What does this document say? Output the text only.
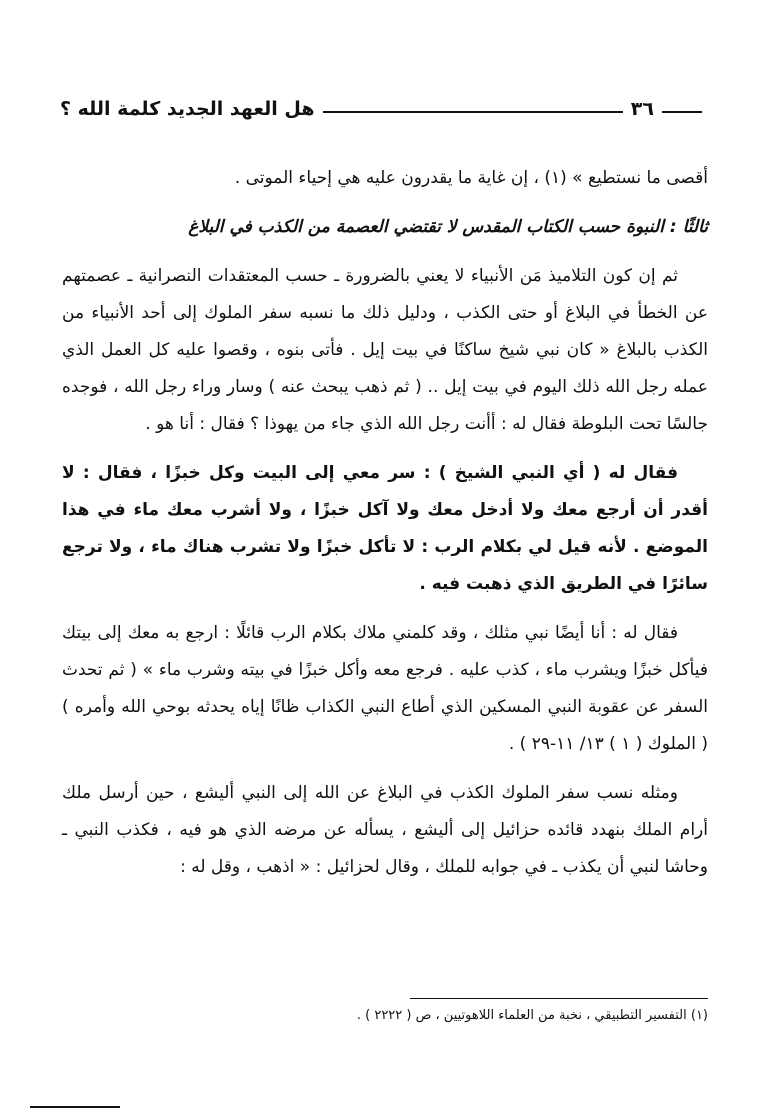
هل العهد الجديد كلمة الله ؟	٣٦

أقصى ما نستطيع » (١) ، إن غاية ما يقدرون عليه هي إحياء الموتى .

ثالثًا : النبوة حسب الكتاب المقدس لا تقتضي العصمة من الكذب في البلاغ

ثم إن كون التلاميذ مَن الأنبياء لا يعني بالضرورة ـ حسب المعتقدات النصرانية ـ عصمتهم عن الخطأ في البلاغ أو حتى الكذب ، ودليل ذلك ما نسبه سفر الملوك إلى أحد الأنبياء من الكذب بالبلاغ « كان نبي شيخ ساكنًا في بيت إيل . فأتى بنوه ، وقصوا عليه كل العمل الذي عمله رجل الله ذلك اليوم في بيت إيل .. ( ثم ذهب يبحث عنه ) وسار وراء رجل الله ، فوجده جالسًا تحت البلوطة فقال له : أأنت رجل الله الذي جاء من يهوذا ؟ فقال : أنا هو .

فقال له ( أي النبي الشيخ ) : سر معي إلى البيت وكل خبزًا ، فقال : لا أقدر أن أرجع معك ولا أدخل معك ولا آكل خبزًا ، ولا أشرب معك ماء في هذا الموضع . لأنه قيل لي بكلام الرب : لا تأكل خبزًا ولا تشرب هناك ماء ، ولا ترجع سائرًا في الطريق الذي ذهبت فيه .

فقال له : أنا أيضًا نبي مثلك ، وقد كلمني ملاك بكلام الرب قائلًا : ارجع به معك إلى بيتك فيأكل خبزًا ويشرب ماء ، كذب عليه . فرجع معه وأكل خبزًا في بيته وشرب ماء » ( ثم تحدث السفر عن عقوبة النبي المسكين الذي أطاع النبي الكذاب ظانًا إياه يحدثه بوحي الله وأمره ) ( الملوك ( ١ ) ١٣/ ١١-٢٩ ) .

ومثله نسب سفر الملوك الكذب في البلاغ عن الله إلى النبي أليشع ، حين أرسل ملك أرام الملك بنهدد قائده حزائيل إلى أليشع ، يسأله عن مرضه الذي هو فيه ، فكذب النبي ـ وحاشا لنبي أن يكذب ـ في جوابه للملك ، وقال لحزائيل : « اذهب ، وقل له :

(١) التفسير التطبيقي ، نخبة من العلماء اللاهوتيين ، ص ( ٢٢٢٢ ) .
